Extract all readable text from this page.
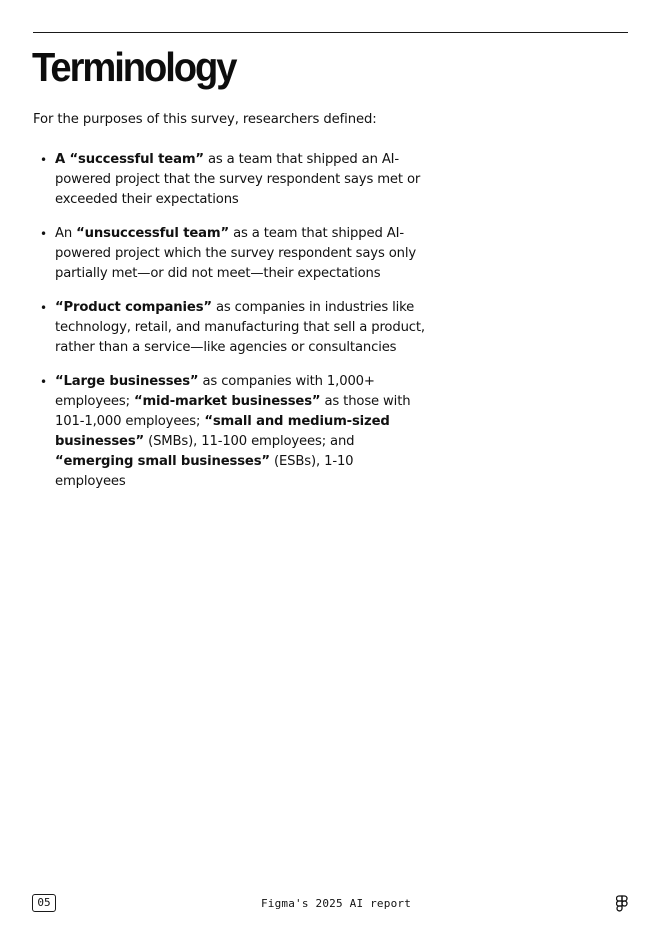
Terminology

For the purposes of this survey, researchers defined:

• A “successful team” as a team that shipped an AI-powered project that the survey respondent says met or exceeded their expectations
• An “unsuccessful team” as a team that shipped AI-powered project which the survey respondent says only partially met—or did not meet—their expectations
• “Product companies” as companies in industries like technology, retail, and manufacturing that sell a product, rather than a service—like agencies or consultancies
• “Large businesses” as companies with 1,000+ employees; “mid-market businesses” as those with 101-1,000 employees; “small and medium-sized businesses” (SMBs), 11-100 employees; and “emerging small businesses” (ESBs), 1-10 employees
05	Figma's 2025 AI report
